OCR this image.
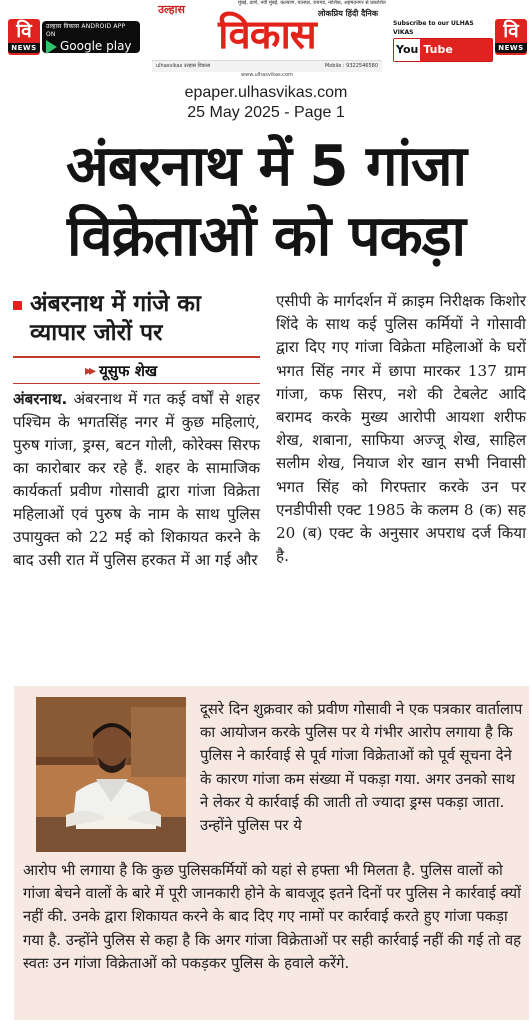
वि
NEWS
उल्हास विकास ANDROID APP ON
Google play
Install now
उल्हास	मुंबई, ठाणे, नवी मुंबई, कल्याण, पालघर, रायगड, नाशिक, अहमदनगर से प्रकाशित
लोकप्रिय हिंदी दैनिक
विकास
ulhasvikas उल्हास विकास	Mobile : 9322546580
www.ulhasvikas.com
Subscribe to our ULHAS VIKAS
You Tube Channel
वि
NEWS
epaper.ulhasvikas.com
25 May 2025 - Page 1
अंबरनाथ में 5 गांजा विक्रेताओं को पकड़ा
अंबरनाथ में गांजे का व्यापार जोरों पर
▸▸ यूसुफ शेख

अंबरनाथ. अंबरनाथ में गत कई वर्षों से शहर पश्चिम के भगतसिंह नगर में कुछ महिलाएं, पुरुष गांजा, ड्रग्स, बटन गोली, कोरेक्स सिरफ का कारोबार कर रहे हैं. शहर के सामाजिक कार्यकर्ता प्रवीण गोसावी द्वारा गांजा विक्रेता महिलाओं एवं पुरुष के नाम के साथ पुलिस उपायुक्त को 22 मई को शिकायत करने के बाद उसी रात में पुलिस हरकत में आ गई और

एसीपी के मार्गदर्शन में क्राइम निरीक्षक किशोर शिंदे के साथ कई पुलिस कर्मियों ने गोसावी द्वारा दिए गए गांजा विक्रेता महिलाओं के घरों भगत सिंह नगर में छापा मारकर 137 ग्राम गांजा, कफ सिरप, नशे की टेबलेट आदि बरामद करके मुख्य आरोपी आयशा शरीफ शेख, शबाना, साफिया अज्जू शेख, साहिल सलीम शेख, नियाज शेर खान सभी निवासी भगत सिंह को गिरफ्तार करके उन पर एनडीपीसी एक्ट 1985 के कलम 8 (क) सह 20 (ब) एक्ट के अनुसार अपराध दर्ज किया है.

दूसरे दिन शुक्रवार को प्रवीण गोसावी ने एक पत्रकार वार्तालाप का आयोजन करके पुलिस पर ये गंभीर आरोप लगाया है कि पुलिस ने कार्रवाई से पूर्व गांजा विक्रेताओं को पूर्व सूचना देने के कारण गांजा कम संख्या में पकड़ा गया. अगर उनको साथ ने लेकर ये कार्रवाई की जाती तो ज्यादा ड्रग्स पकड़ा जाता. उन्होंने पुलिस पर ये

आरोप भी लगाया है कि कुछ पुलिसकर्मियों को यहां से हफ्ता भी मिलता है. पुलिस वालों को गांजा बेचने वालों के बारे में पूरी जानकारी होने के बावजूद इतने दिनों पर पुलिस ने कार्रवाई क्यों नहीं की. उनके द्वारा शिकायत करने के बाद दिए गए नामों पर कार्रवाई करते हुए गांजा पकड़ा गया है. उन्होंने पुलिस से कहा है कि अगर गांजा विक्रेताओं पर सही कार्रवाई नहीं की गई तो वह स्वतः उन गांजा विक्रेताओं को पकड़कर पुलिस के हवाले करेंगे.
